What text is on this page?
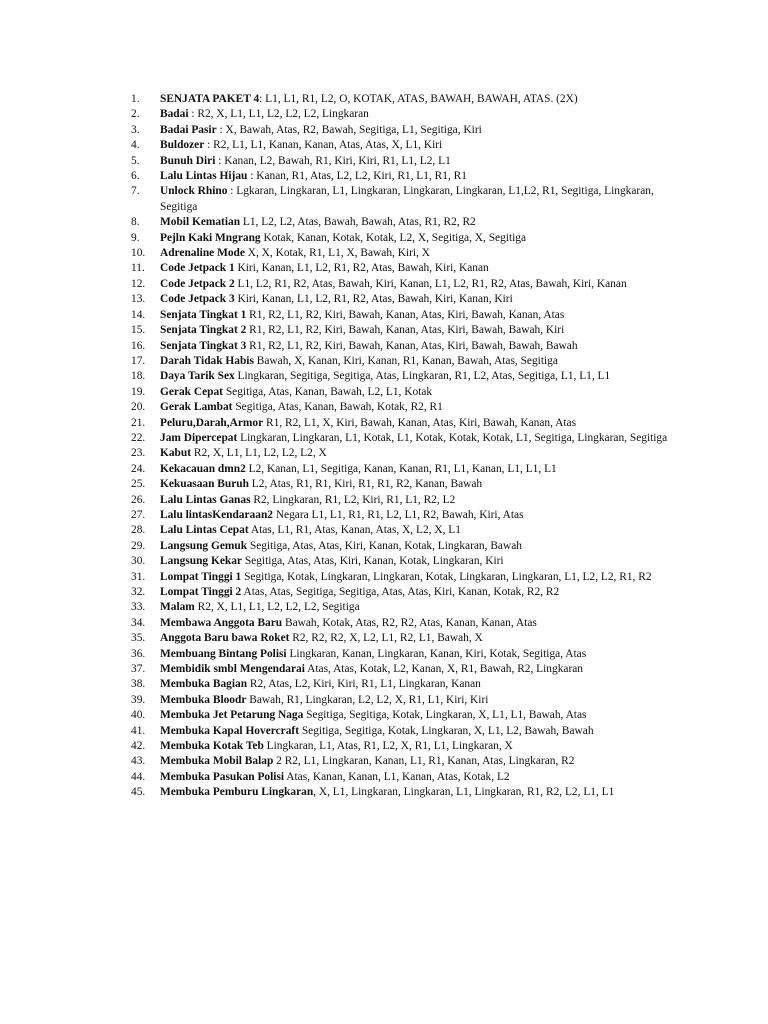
1.	SENJATA PAKET 4: L1, L1, R1, L2, O, KOTAK, ATAS, BAWAH, BAWAH, ATAS. (2X)
2.	Badai : R2, X, L1, L1, L2, L2, L2, Lingkaran
3.	Badai Pasir : X, Bawah, Atas, R2, Bawah, Segitiga, L1, Segitiga, Kiri
4.	Buldozer : R2, L1, L1, Kanan, Kanan, Atas, Atas, X, L1, Kiri
5.	Bunuh Diri : Kanan, L2, Bawah, R1, Kiri, Kiri, R1, L1, L2, L1
6.	Lalu Lintas Hijau : Kanan, R1, Atas, L2, L2, Kiri, R1, L1, R1, R1
7.	Unlock Rhino : Lgkaran, Lingkaran, L1, Lingkaran, Lingkaran, Lingkaran, L1,L2, R1, Segitiga, Lingkaran, Segitiga
8.	Mobil Kematian L1, L2, L2, Atas, Bawah, Bawah, Atas, R1, R2, R2
9.	Pejln Kaki Mngrang Kotak, Kanan, Kotak, Kotak, L2, X, Segitiga, X, Segitiga
10.	Adrenaline Mode X, X, Kotak, R1, L1, X, Bawah, Kiri, X
11.	Code Jetpack 1 Kiri, Kanan, L1, L2, R1, R2, Atas, Bawah, Kiri, Kanan
12.	Code Jetpack 2 L1, L2, R1, R2, Atas, Bawah, Kiri, Kanan, L1, L2, R1, R2, Atas, Bawah, Kiri, Kanan
13.	Code Jetpack 3 Kiri, Kanan, L1, L2, R1, R2, Atas, Bawah, Kiri, Kanan, Kiri
14.	Senjata Tingkat 1 R1, R2, L1, R2, Kiri, Bawah, Kanan, Atas, Kiri, Bawah, Kanan, Atas
15.	Senjata Tingkat 2 R1, R2, L1, R2, Kiri, Bawah, Kanan, Atas, Kiri, Bawah, Bawah, Kiri
16.	Senjata Tingkat 3 R1, R2, L1, R2, Kiri, Bawah, Kanan, Atas, Kiri, Bawah, Bawah, Bawah
17.	Darah Tidak Habis Bawah, X, Kanan, Kiri, Kanan, R1, Kanan, Bawah, Atas, Segitiga
18.	Daya Tarik Sex Lingkaran, Segitiga, Segitiga, Atas, Lingkaran, R1, L2, Atas, Segitiga, L1, L1, L1
19.	Gerak Cepat Segitiga, Atas, Kanan, Bawah, L2, L1, Kotak
20.	Gerak Lambat Segitiga, Atas, Kanan, Bawah, Kotak, R2, R1
21.	Peluru,Darah,Armor R1, R2, L1, X, Kiri, Bawah, Kanan, Atas, Kiri, Bawah, Kanan, Atas
22.	Jam Dipercepat Lingkaran, Lingkaran, L1, Kotak, L1, Kotak, Kotak, Kotak, L1, Segitiga, Lingkaran, Segitiga
23.	Kabut R2, X, L1, L1, L2, L2, L2, X
24.	Kekacauan dmn2 L2, Kanan, L1, Segitiga, Kanan, Kanan, R1, L1, Kanan, L1, L1, L1
25.	Kekuasaan Buruh L2, Atas, R1, R1, Kiri, R1, R1, R2, Kanan, Bawah
26.	Lalu Lintas Ganas R2, Lingkaran, R1, L2, Kiri, R1, L1, R2, L2
27.	Lalu lintasKendaraan2 Negara L1, L1, R1, R1, L2, L1, R2, Bawah, Kiri, Atas
28.	Lalu Lintas Cepat Atas, L1, R1, Atas, Kanan, Atas, X, L2, X, L1
29.	Langsung Gemuk Segitiga, Atas, Atas, Kiri, Kanan, Kotak, Lingkaran, Bawah
30.	Langsung Kekar Segitiga, Atas, Atas, Kiri, Kanan, Kotak, Lingkaran, Kiri
31.	Lompat Tinggi 1 Segitiga, Kotak, Lingkaran, Lingkaran, Kotak, Lingkaran, Lingkaran, L1, L2, L2, R1, R2
32.	Lompat Tinggi 2 Atas, Atas, Segitiga, Segitiga, Atas, Atas, Kiri, Kanan, Kotak, R2, R2
33.	Malam R2, X, L1, L1, L2, L2, L2, Segitiga
34.	Membawa Anggota Baru Bawah, Kotak, Atas, R2, R2, Atas, Kanan, Kanan, Atas
35.	Anggota Baru bawa Roket R2, R2, R2, X, L2, L1, R2, L1, Bawah, X
36.	Membuang Bintang Polisi Lingkaran, Kanan, Lingkaran, Kanan, Kiri, Kotak, Segitiga, Atas
37.	Membidik smbl Mengendarai Atas, Atas, Kotak, L2, Kanan, X, R1, Bawah, R2, Lingkaran
38.	Membuka Bagian R2, Atas, L2, Kiri, Kiri, R1, L1, Lingkaran, Kanan
39.	Membuka Bloodr Bawah, R1, Lingkaran, L2, L2, X, R1, L1, Kiri, Kiri
40.	Membuka Jet Petarung Naga Segitiga, Segitiga, Kotak, Lingkaran, X, L1, L1, Bawah, Atas
41.	Membuka Kapal Hovercraft Segitiga, Segitiga, Kotak, Lingkaran, X, L1, L2, Bawah, Bawah
42.	Membuka Kotak Teb Lingkaran, L1, Atas, R1, L2, X, R1, L1, Lingkaran, X
43.	Membuka Mobil Balap 2 R2, L1, Lingkaran, Kanan, L1, R1, Kanan, Atas, Lingkaran, R2
44.	Membuka Pasukan Polisi Atas, Kanan, Kanan, L1, Kanan, Atas, Kotak, L2
45.	Membuka Pemburu Lingkaran, X, L1, Lingkaran, Lingkaran, L1, Lingkaran, R1, R2, L2, L1, L1
